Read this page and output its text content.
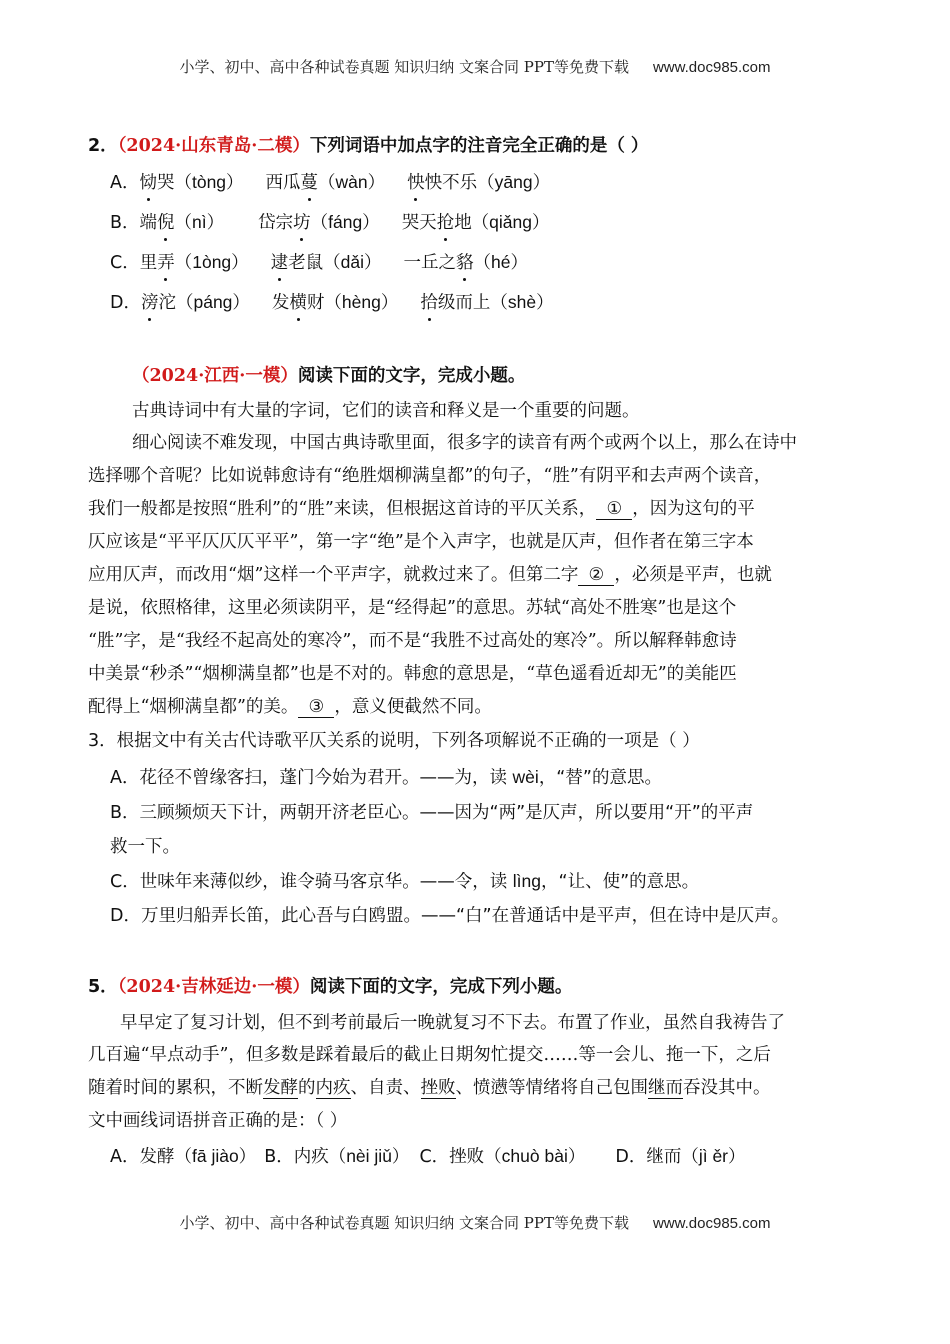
小学、初中、高中各种试卷真题 知识归纳 文案合同 PPT等免费下载 www.doc985.com
2．（2024·山东青岛·二模）下列词语中加点字的注音完全正确的是（ ）
A．恸哭（tòng） 西瓜蔓（wàn） 怏怏不乐（yāng）
B．端倪（nì） 岱宗坊（fáng） 哭天抢地（qiǎng）
C．里弄（1òng） 逮老鼠（dǎi） 一丘之貉（hé）
D．滂沱（páng） 发横财（hèng） 拾级而上（shè）
（2024·江西·一模）阅读下面的文字，完成小题。
古典诗词中有大量的字词，它们的读音和释义是一个重要的问题。
细心阅读不难发现，中国古典诗歌里面，很多字的读音有两个或两个以上，那么在诗中
选择哪个音呢？比如说韩愈诗有“绝胜烟柳满皇都”的句子，“胜”有阴平和去声两个读音，
我们一般都是按照“胜利”的“胜”来读，但根据这首诗的平仄关系， ① ，因为这句的平
仄应该是“平平仄仄仄平平”，第一字“绝”是个入声字，也就是仄声，但作者在第三字本
应用仄声，而改用“烟”这样一个平声字，就救过来了。但第二字 ② ，必须是平声，也就
是说，依照格律，这里必须读阴平，是“经得起”的意思。苏轼“高处不胜寒”也是这个
“胜”字，是“我经不起高处的寒冷”，而不是“我胜不过高处的寒冷”。所以解释韩愈诗
中美景“秒杀”“烟柳满皇都”也是不对的。韩愈的意思是，“草色遥看近却无”的美能匹
配得上“烟柳满皇都”的美。 ③ ，意义便截然不同。
3．根据文中有关古代诗歌平仄关系的说明，下列各项解说不正确的一项是（ ）
A．花径不曾缘客扫，蓬门今始为君开。——为，读 wèi，“替”的意思。
B．三顾频烦天下计，两朝开济老臣心。——因为“两”是仄声，所以要用“开”的平声
救一下。
C．世味年来薄似纱，谁令骑马客京华。——令，读 lìng，“让、使”的意思。
D．万里归船弄长笛，此心吾与白鸥盟。——“白”在普通话中是平声，但在诗中是仄声。
5．（2024·吉林延边·一模）阅读下面的文字，完成下列小题。
早早定了复习计划，但不到考前最后一晚就复习不下去。布置了作业，虽然自我祷告了
几百遍“早点动手”，但多数是踩着最后的截止日期匆忙提交……等一会儿、拖一下，之后
随着时间的累积，不断发酵的内疚、自责、挫败、愤懑等情绪将自己包围继而吞没其中。
文中画线词语拼音正确的是：（ ）
A．发酵（fā jiào） B．内疚（nèi jiǔ） C．挫败（chuò bài） D．继而（jì ěr）
小学、初中、高中各种试卷真题 知识归纳 文案合同 PPT等免费下载 www.doc985.com
